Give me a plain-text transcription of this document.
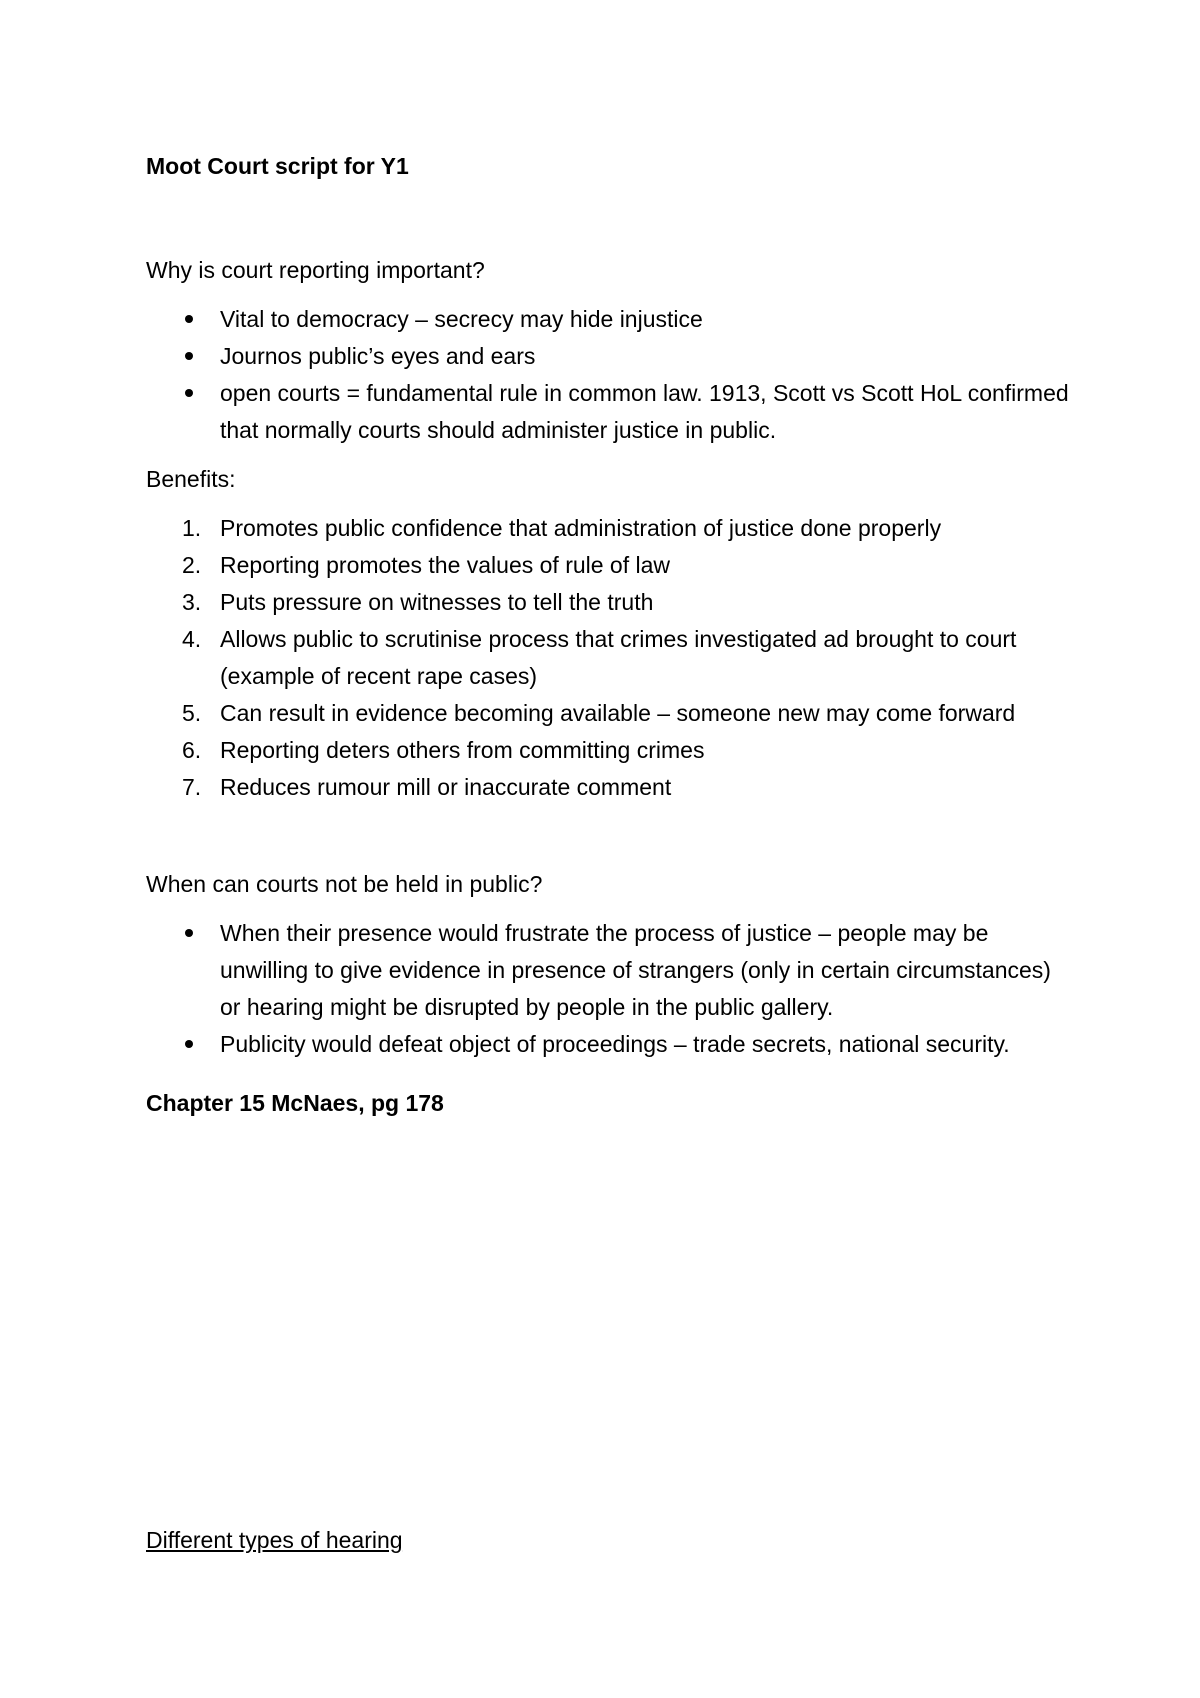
Moot Court script for Y1
Why is court reporting important?
Vital to democracy – secrecy may hide injustice
Journos public’s eyes and ears
open courts = fundamental rule in common law. 1913, Scott vs Scott HoL confirmed that normally courts should administer justice in public.
Benefits:
1. Promotes public confidence that administration of justice done properly
2. Reporting promotes the values of rule of law
3. Puts pressure on witnesses to tell the truth
4. Allows public to scrutinise process that crimes investigated ad brought to court (example of recent rape cases)
5. Can result in evidence becoming available – someone new may come forward
6. Reporting deters others from committing crimes
7. Reduces rumour mill or inaccurate comment
When can courts not be held in public?
When their presence would frustrate the process of justice – people may be unwilling to give evidence in presence of strangers (only in certain circumstances) or hearing might be disrupted by people in the public gallery.
Publicity would defeat object of proceedings – trade secrets, national security.
Chapter 15 McNaes, pg 178
Different types of hearing
